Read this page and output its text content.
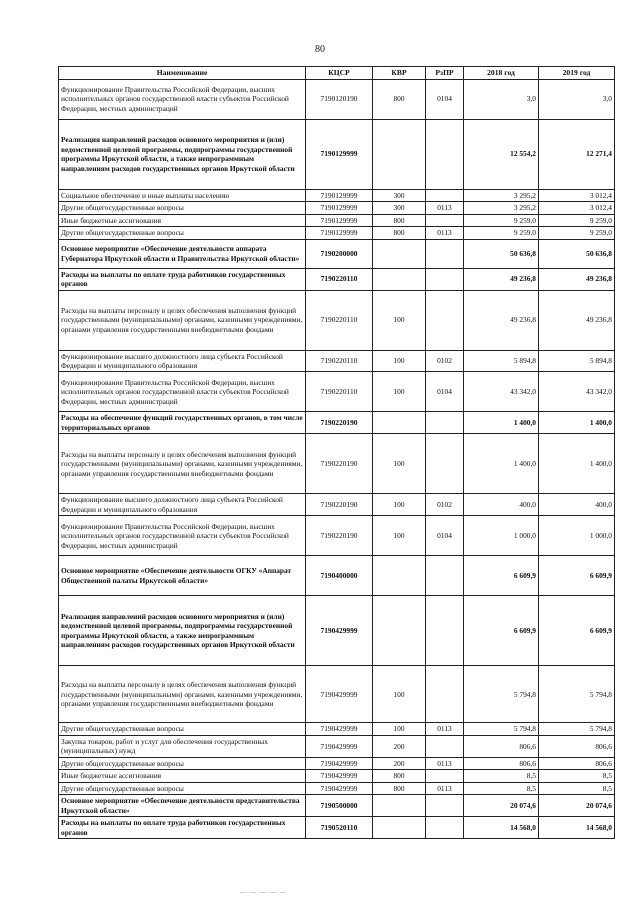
80
Наименование	КЦСР	КВР	РзПР	2018 год	2019 год
Функционирование Правительства Российской Федерации, высших исполнительных органов государственной власти субъектов Российской Федерации, местных администраций	7190120190	800	0104	3,0	3,0
Реализация направлений расходов основного мероприятия и (или) ведомственной целевой программы, подпрограммы государственной программы Иркутской области, а также непрограммным направлениям расходов государственных органов Иркутской области	7190129999			12 554,2	12 271,4
Социальное обеспечение и иные выплаты населению	7190129999	300		3 295,2	3 012,4
Другие общегосударственные вопросы	7190129999	300	0113	3 295,2	3 012,4
Иные бюджетные ассигнования	7190129999	800		9 259,0	9 259,0
Другие общегосударственные вопросы	7190129999	800	0113	9 259,0	9 259,0
Основное мероприятие «Обеспечение деятельности аппарата Губернатора Иркутской области и Правительства Иркутской области»	7190200000			50 636,8	50 636,8
Расходы на выплаты по оплате труда работников государственных органов	7190220110			49 236,8	49 236,8
Расходы на выплаты персоналу в целях обеспечения выполнения функций государственными (муниципальными) органами, казенными учреждениями, органами управления государственными внебюджетными фондами	7190220110	100		49 236,8	49 236,8
Функционирование высшего должностного лица субъекта Российской Федерации и муниципального образования	7190220110	100	0102	5 894,8	5 894,8
Функционирование Правительства Российской Федерации, высших исполнительных органов государственной власти субъектов Российской Федерации, местных администраций	7190220110	100	0104	43 342,0	43 342,0
Расходы на обеспечение функций государственных органов, в том числе территориальных органов	7190220190			1 400,0	1 400,0
Расходы на выплаты персоналу в целях обеспечения выполнения функций государственными (муниципальными) органами, казенными учреждениями, органами управления государственными внебюджетными фондами	7190220190	100		1 400,0	1 400,0
Функционирование высшего должностного лица субъекта Российской Федерации и муниципального образования	7190220190	100	0102	400,0	400,0
Функционирование Правительства Российской Федерации, высших исполнительных органов государственной власти субъектов Российской Федерации, местных администраций	7190220190	100	0104	1 000,0	1 000,0
Основное мероприятие «Обеспечение деятельности ОГКУ «Аппарат Общественной палаты Иркутской области»	7190400000			6 609,9	6 609,9
Реализация направлений расходов основного мероприятия и (или) ведомственной целевой программы, подпрограммы государственной программы Иркутской области, а также непрограммным направлениям расходов государственных органов Иркутской области	7190429999			6 609,9	6 609,9
Расходы на выплаты персоналу в целях обеспечения выполнения функций государственными (муниципальными) органами, казенными учреждениями, органами управления государственными внебюджетными фондами	7190429999	100		5 794,8	5 794,8
Другие общегосударственные вопросы	7190429999	100	0113	5 794,8	5 794,8
Закупка товаров, работ и услуг для обеспечения государственных (муниципальных) нужд	7190429999	200		806,6	806,6
Другие общегосударственные вопросы	7190429999	200	0113	806,6	806,6
Иные бюджетные ассигнования	7190429999	800		8,5	8,5
Другие общегосударственные вопросы	7190429999	800	0113	8,5	8,5
Основное мероприятие «Обеспечение деятельности представительства Иркутской области»	7190500000			20 074,6	20 074,6
Расходы на выплаты по оплате труда работников государственных органов	7190520110			14 568,0	14 568,0
—·—·—·—·—
